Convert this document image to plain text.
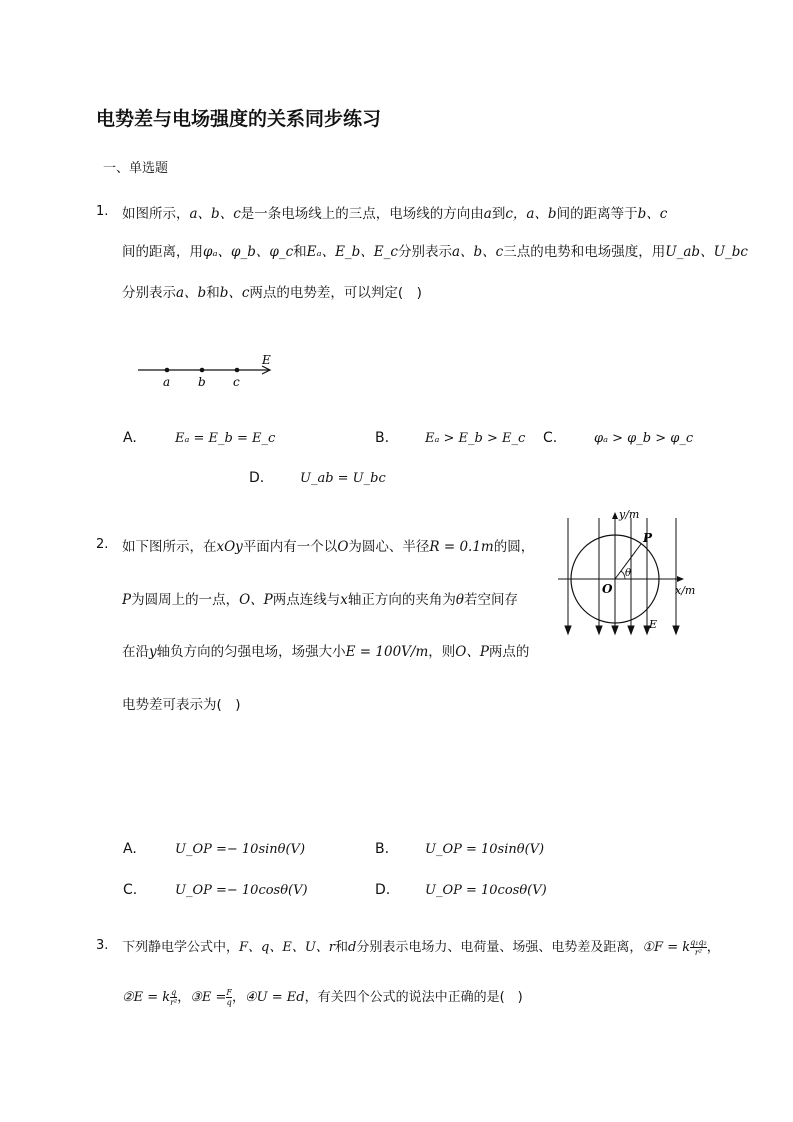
电势差与电场强度的关系同步练习
一、单选题
1. 如图所示，a、b、c是一条电场线上的三点，电场线的方向由a到c，a、b间的距离等于b、c
间的距离，用φₐ、φ_b、φ_c和Eₐ、E_b、E_c分别表示a、b、c三点的电势和电场强度，用U_ab、U_bc
分别表示a、b和b、c两点的电势差，可以判定(　)
a b c
E
A.	Eₐ = E_b = E_c	B.	Eₐ > E_b > E_c C.	φₐ > φ_b > φ_c
D.	U_ab = U_bc
2. 如下图所示，在xOy平面内有一个以O为圆心、半径R = 0.1m的圆，
P为圆周上的一点，O、P两点连线与x轴正方向的夹角为θ若空间存
在沿y轴负方向的匀强电场，场强大小E = 100V/m，则O、P两点的
电势差可表示为(　)
y/m
x/m
O
P
θ
E
A.	U_OP =− 10sinθ(V)	B.	U_OP = 10sinθ(V)
C.	U_OP =− 10cosθ(V)	D.	U_OP = 10cosθ(V)
3. 下列静电学公式中，F、q、E、U、r和d分别表示电场力、电荷量、场强、电势差及距离，①F = k $\frac{\text{q₁q₂}}{\text{r²}}$ ，
②E = k $\frac{q}{\text{r²}}$ ，③E = $\frac{F}{q}$ ，④U = Ed，有关四个公式的说法中正确的是(　)
